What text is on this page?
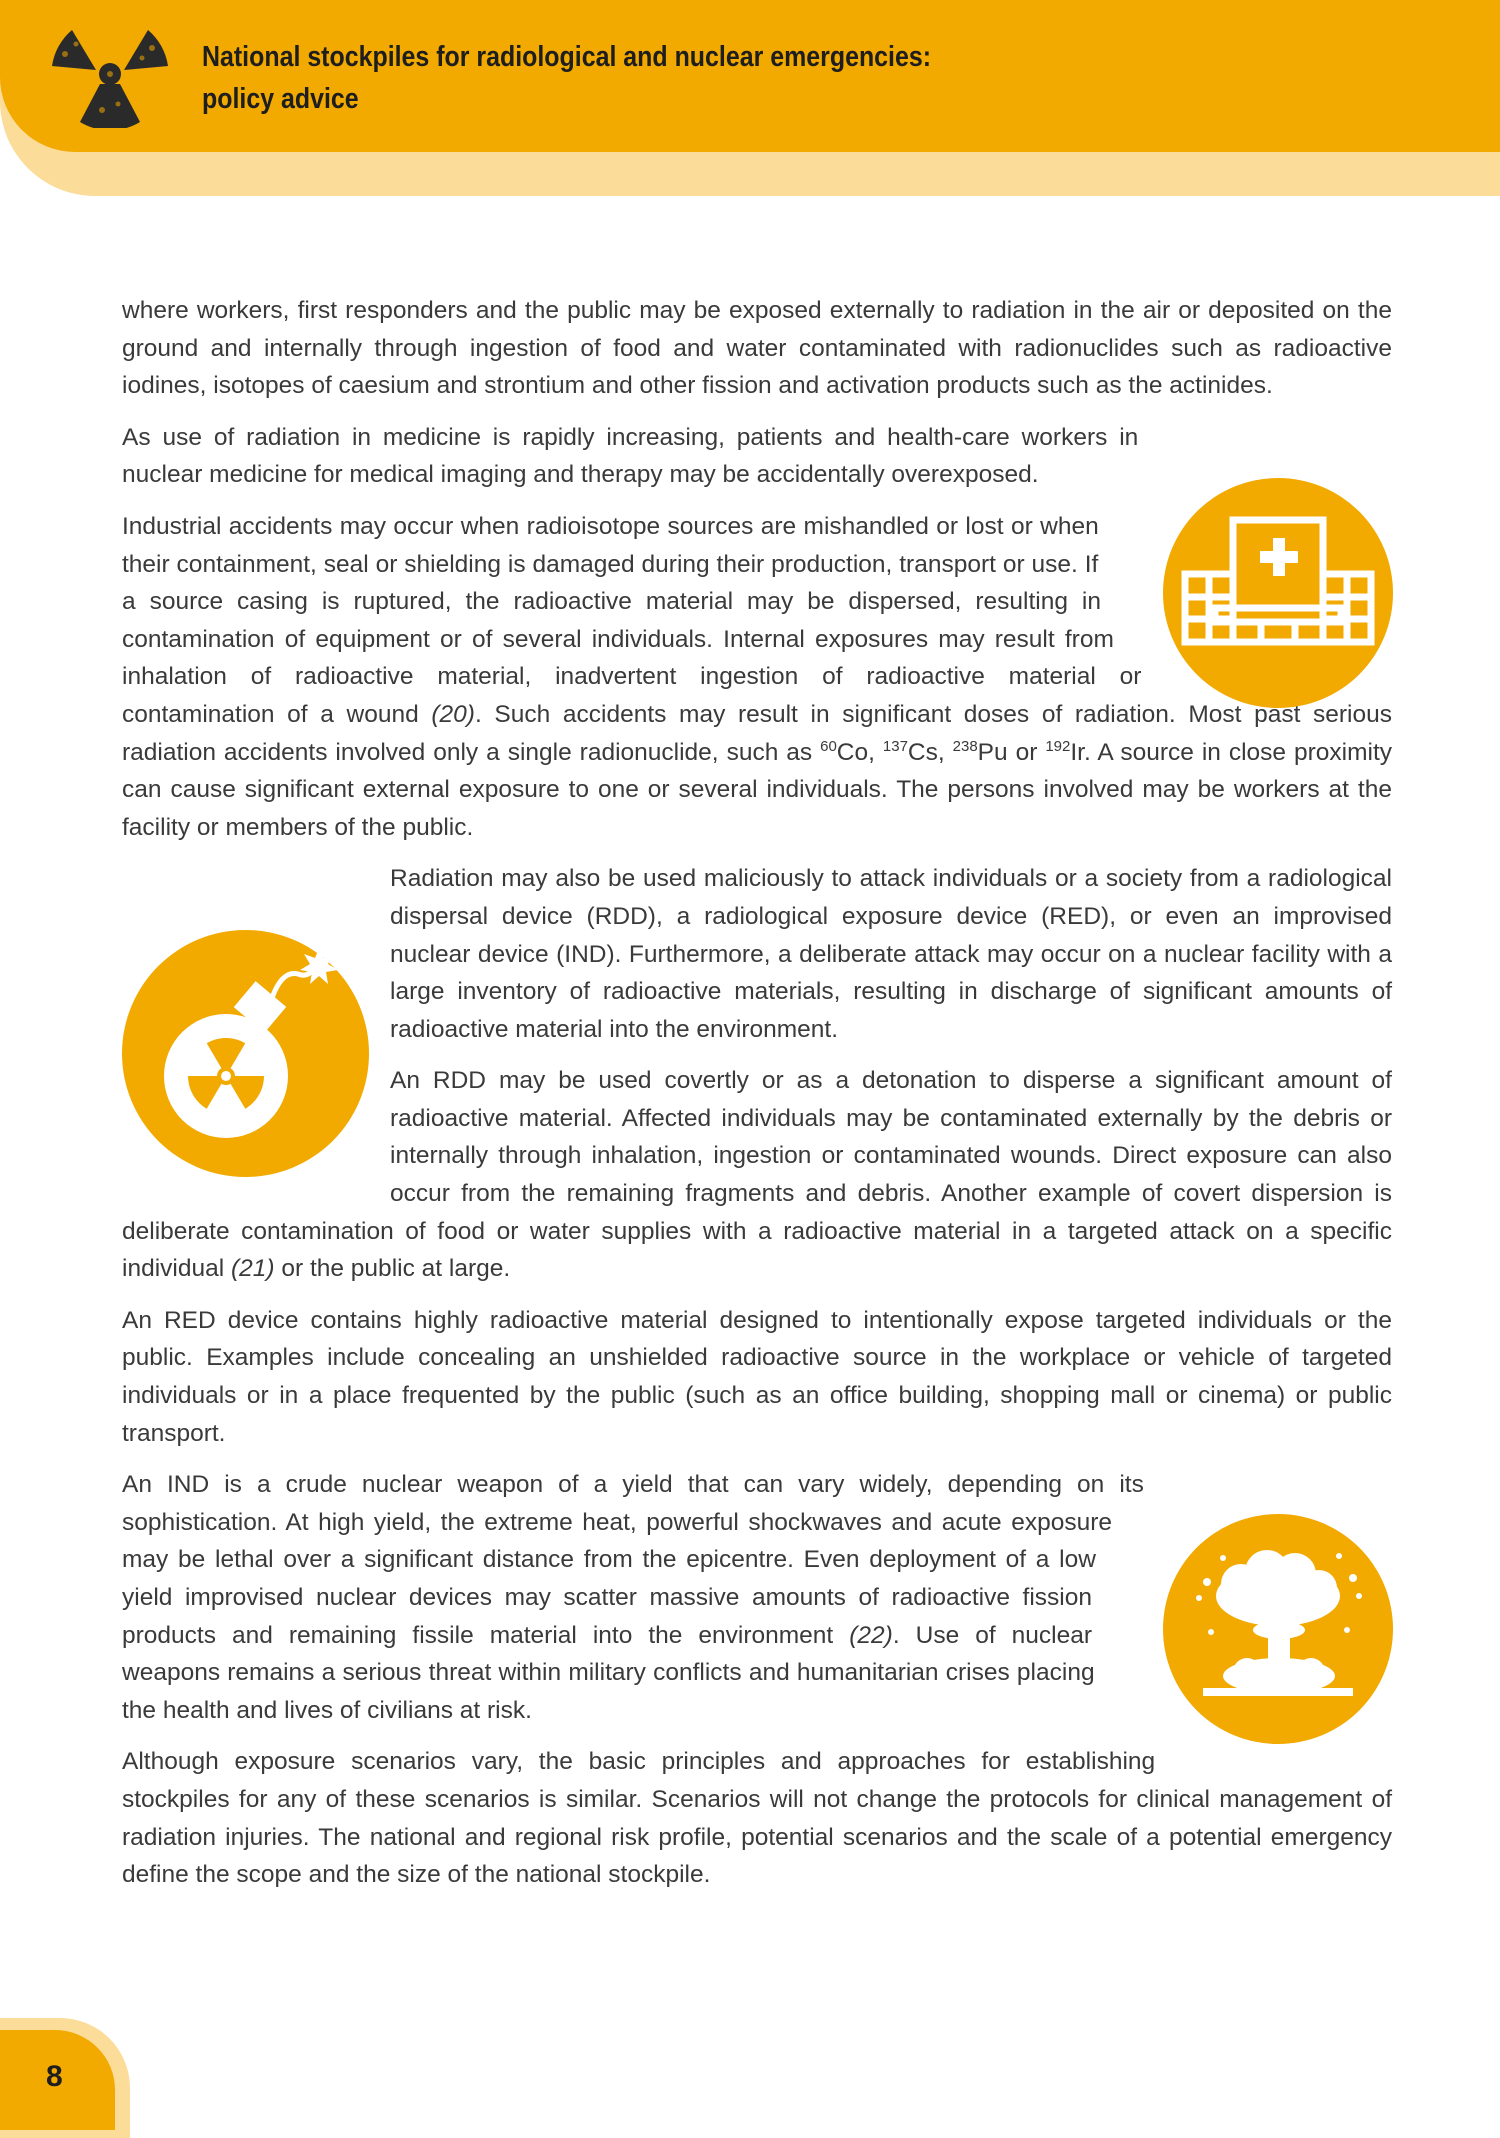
National stockpiles for radiological and nuclear emergencies:
policy advice

where workers, first responders and the public may be exposed externally to radiation in the air or deposited on the ground and internally through ingestion of food and water contaminated with radionuclides such as radioactive iodines, isotopes of caesium and strontium and other fission and activation products such as the actinides.

As use of radiation in medicine is rapidly increasing, patients and health-care workers in nuclear medicine for medical imaging and therapy may be accidentally overexposed.

Industrial accidents may occur when radioisotope sources are mishandled or lost or when their containment, seal or shielding is damaged during their production, transport or use. If a source casing is ruptured, the radioactive material may be dispersed, resulting in contamination of equipment or of several individuals. Internal exposures may result from inhalation of radioactive material, inadvertent ingestion of radioactive material or contamination of a wound (20). Such accidents may result in significant doses of radiation. Most past serious radiation accidents involved only a single radionuclide, such as $^{60}$Co, $^{137}$Cs, $^{238}$Pu or $^{192}$Ir. A source in close proximity can cause significant external exposure to one or several individuals. The persons involved may be workers at the facility or members of the public.

Radiation may also be used maliciously to attack individuals or a society from a radiological dispersal device (RDD), a radiological exposure device (RED), or even an improvised nuclear device (IND). Furthermore, a deliberate attack may occur on a nuclear facility with a large inventory of radioactive materials, resulting in discharge of significant amounts of radioactive material into the environment.

An RDD may be used covertly or as a detonation to disperse a significant amount of radioactive material. Affected individuals may be contaminated externally by the debris or internally through inhalation, ingestion or contaminated wounds. Direct exposure can also occur from the remaining fragments and debris. Another example of covert dispersion is deliberate contamination of food or water supplies with a radioactive material in a targeted attack on a specific individual (21) or the public at large.

An RED device contains highly radioactive material designed to intentionally expose targeted individuals or the public. Examples include concealing an unshielded radioactive source in the workplace or vehicle of targeted individuals or in a place frequented by the public (such as an office building, shopping mall or cinema) or public transport.

An IND is a crude nuclear weapon of a yield that can vary widely, depending on its sophistication. At high yield, the extreme heat, powerful shockwaves and acute exposure may be lethal over a significant distance from the epicentre. Even deployment of a low yield improvised nuclear devices may scatter massive amounts of radioactive fission products and remaining fissile material into the environment (22). Use of nuclear weapons remains a serious threat within military conflicts and humanitarian crises placing the health and lives of civilians at risk.

Although exposure scenarios vary, the basic principles and approaches for establishing stockpiles for any of these scenarios is similar. Scenarios will not change the protocols for clinical management of radiation injuries. The national and regional risk profile, potential scenarios and the scale of a potential emergency define the scope and the size of the national stockpile.

8
